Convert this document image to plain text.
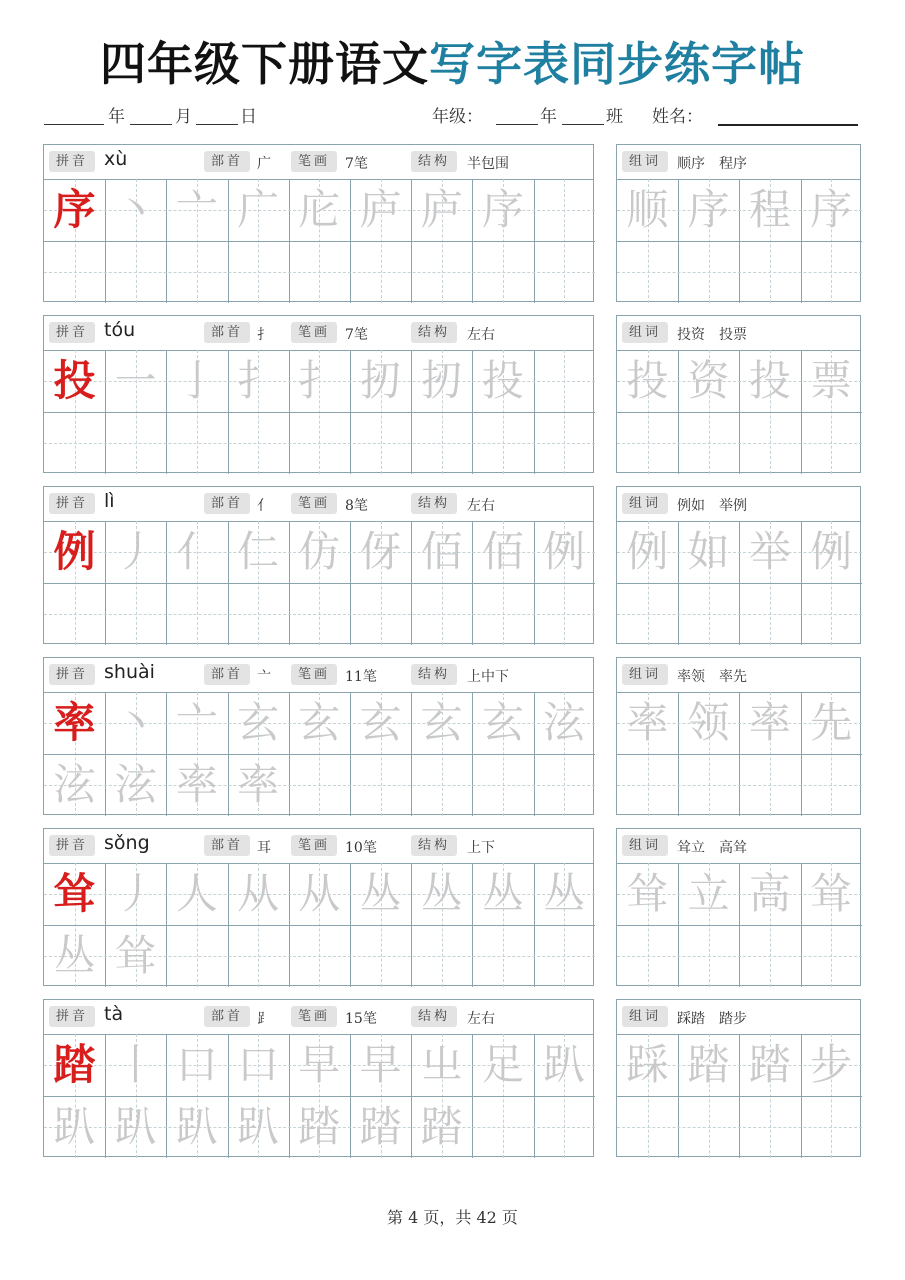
四年级下册语文写字表同步练字帖
年	月	日	年级：	年	班 姓名：
拼音 xù	部首 广	笔画	7笔	结构	半包围
序 丶 亠 广 庀 庐 庐 序
组词	顺序　程序
顺 序 程 序
拼音 tóu	部首 扌	笔画	7笔	结构	左右
投 一 亅 扌 扌 扨 扨 投
组词	投资　投票
投 资 投 票
拼音 lì	部首 亻	笔画	8笔	结构	左右
例 丿 亻 仁 仿 伢 佰 佰 例
组词	例如　举例
例 如 举 例
拼音 shuài	部首 亠	笔画	11笔	结构	上中下
率 丶 亠 玄 玄 玄 玄 玄 泫
泫 泫 率 率
组词	率领　率先
率 领 率 先
拼音 sǒng	部首 耳	笔画	10笔	结构	上下
耸 丿 人 从 从 丛 丛 丛 丛
丛 耸
组词	耸立　高耸
耸 立 高 耸
拼音 tà	部首 ⻊	笔画	15笔	结构	左右
踏 丨 口 口 早 早 㞢 足 趴
趴 趴 趴 趴 踏 踏 踏
组词	踩踏　踏步
踩 踏 踏 步
第 4 页，共 42 页
